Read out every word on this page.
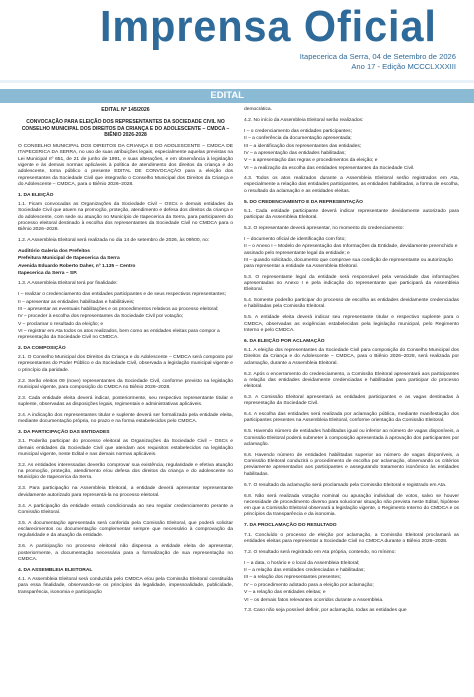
Imprensa Oficial
Itapecerica da Serra, 04 de Setembro de 2026
Ano 17 - Edição MCCCLXXXIII
EDITAL
EDITAL Nº 145/2026
CONVOCAÇÃO PARA ELEIÇÃO DOS REPRESENTANTES DA SOCIEDADE CIVIL NO CONSELHO MUNICIPAL DOS DIREITOS DA CRIANÇA E DO ADOLESCENTE – CMDCA – BIÊNIO 2026-2028

O CONSELHO MUNICIPAL DOS DIREITOS DA CRIANÇA E DO ADOLESCENTE – CMDCA DE ITAPECERICA DA SERRA, no uso de suas atribuições legais, especialmente aquelas previstas na Lei Municipal nº 651, de 21 de junho de 1991, e suas alterações, e em observância à legislação vigente e às demais normas aplicáveis à política de atendimento dos direitos da criança e do adolescente, torna público o presente EDITAL DE CONVOCAÇÃO para a eleição dos representantes da Sociedade Civil que integrarão o Conselho Municipal dos Direitos da Criança e do Adolescente – CMDCA, para o Biênio 2026–2028.

1. DA ELEIÇÃO

1.1. Ficam convocadas as Organizações da Sociedade Civil – OSCs e demais entidades da Sociedade Civil que atuem na promoção, proteção, atendimento e defesa dos direitos da criança e do adolescente, com sede ou atuação no Município de Itapecerica da Serra, para participarem do processo eleitoral destinado à escolha dos representantes da Sociedade Civil no CMDCA para o Biênio 2026–2028.

1.2. A Assembleia Eleitoral será realizada no dia 14 de setembro de 2026, às 09h00, no:

Auditório Galeria dos Prefeitos
Prefeitura Municipal de Itapecerica da Serra
Avenida Eduardo Roberto Daher, nº 1.135 – Centro
Itapecerica da Serra – SP.

1.3. A Assembleia Eleitoral terá por finalidade:

I – realizar o credenciamento das entidades participantes e de seus respectivos representantes;
II – apresentar as entidades habilitadas e habilitáveis;
III – apresentar as eventuais habilitações e os procedimentos relativos ao processo eleitoral;
IV – proceder à escolha dos representantes da Sociedade Civil por votação;
V – proclamar o resultado da eleição; e
VI – registrar em Ata todos os atos realizados, bem como as entidades eleitas para compor a representação da Sociedade Civil no CMDCA.
2. DA COMPOSIÇÃO

2.1. O Conselho Municipal dos Direitos da Criança e do Adolescente – CMDCA será composto por representantes do Poder Público e da Sociedade Civil, observada a legislação municipal vigente e o princípio da paridade.

2.2. Serão eleitos 09 (nove) representantes da Sociedade Civil, conforme previsto na legislação municipal vigente, para composição do CMDCA no Biênio 2026–2028.

2.3. Cada entidade eleita deverá indicar, posteriormente, seu respectivo representante titular e suplente, observadas as disposições legais, regimentais e administrativas aplicáveis.

2.4. A indicação dos representantes titular e suplente deverá ser formalizada pela entidade eleita, mediante documentação própria, no prazo e na forma estabelecidos pelo CMDCA.

3. DA PARTICIPAÇÃO DAS ENTIDADES

3.1. Poderão participar do processo eleitoral as Organizações da Sociedade Civil – OSCs e demais entidades da Sociedade Civil que atendam aos requisitos estabelecidos na legislação municipal vigente, neste Edital e nas demais normas aplicáveis.

3.2. As entidades interessadas deverão comprovar sua existência, regularidade e efetiva atuação na promoção, proteção, atendimento e/ou defesa dos direitos da criança e do adolescente no Município de Itapecerica da Serra.

3.3. Para participação na Assembleia Eleitoral, a entidade deverá apresentar representante devidamente autorizado para representá-la no processo eleitoral.

3.4. A participação da entidade estará condicionada ao seu regular credenciamento perante a Comissão Eleitoral.

3.5. A documentação apresentada será conferida pela Comissão Eleitoral, que poderá solicitar esclarecimentos ou documentação complementar sempre que necessário à comprovação da regularidade e da atuação da entidade.

3.6. A participação no processo eleitoral não dispensa a entidade eleita de apresentar, posteriormente, a documentação necessária para a formalização de sua representação no CMDCA.

4. DA ASSEMBLEIA ELEITORAL

4.1. A Assembleia Eleitoral será conduzida pelo CMDCA e/ou pela Comissão Eleitoral constituída para essa finalidade, observando-se os princípios da legalidade, impessoalidade, publicidade, transparência, isonomia e participação

democrática.

4.2. No início da Assembleia Eleitoral serão realizados:

I – o credenciamento das entidades participantes;
II – a conferência da documentação apresentada;
III – a identificação dos representantes das entidades;
IV – a apresentação das entidades habilitadas;
V – a apresentação das regras e procedimentos da eleição; e
VI – a realização da escolha das entidades representantes da Sociedade Civil.

4.3. Todos os atos realizados durante a Assembleia Eleitoral serão registrados em Ata, especialmente a relação das entidades participantes, as entidades habilitadas, a forma de escolha, o resultado da aclamação e as entidades eleitas.

5. DO CREDENCIAMENTO E DA REPRESENTAÇÃO

5.1. Cada entidade participante deverá indicar representante devidamente autorizado para participar da Assembleia Eleitoral.

5.2. O representante deverá apresentar, no momento do credenciamento:

I – documento oficial de identificação com foto;
II – o Anexo I – Modelo de Apresentação das Informações da Entidade, devidamente preenchido e assinado pelo representante legal da entidade; e
III – quando solicitado, documento que comprove sua condição de representante ou autorização para representar a entidade na Assembleia Eleitoral.

5.3. O representante legal da entidade será responsável pela veracidade das informações apresentadas no Anexo I e pela indicação do representante que participará da Assembleia Eleitoral.

5.4. Somente poderão participar do processo de escolha as entidades devidamente credenciadas e habilitadas pela Comissão Eleitoral.

5.5. A entidade eleita deverá indicar seu representante titular e respectivo suplente para o CMDCA, observadas as exigências estabelecidas pela legislação municipal, pelo Regimento Interno e pelo CMDCA.

6. DA ELEIÇÃO POR ACLAMAÇÃO

6.1. A eleição dos representantes da Sociedade Civil para composição do Conselho Municipal dos Direitos da Criança e do Adolescente – CMDCA, para o Biênio 2026–2028, será realizada por aclamação, durante a Assembleia Eleitoral.

6.2. Após o encerramento do credenciamento, a Comissão Eleitoral apresentará aos participantes a relação das entidades devidamente credenciadas e habilitadas para participar do processo eleitoral.

6.3. A Comissão Eleitoral apresentará as entidades participantes e as vagas destinadas à representação da Sociedade Civil.

6.4. A escolha das entidades será realizada por aclamação pública, mediante manifestação dos participantes presentes na Assembleia Eleitoral, conforme orientação da Comissão Eleitoral.

6.5. Havendo número de entidades habilitadas igual ou inferior ao número de vagas disponíveis, a Comissão Eleitoral poderá submeter à composição apresentada à aprovação dos participantes por aclamação.

6.6. Havendo número de entidades habilitadas superior ao número de vagas disponíveis, a Comissão Eleitoral conduzirá o procedimento de escolha por aclamação, observando os critérios previamente apresentados aos participantes e assegurando tratamento isonômico às entidades habilitadas.

6.7. O resultado da aclamação será proclamado pela Comissão Eleitoral e registrado em Ata.

6.8. Não será realizada votação nominal ou apuração individual de votos, salvo se houver necessidade de procedimento diverso para solucionar situação não prevista neste Edital, hipótese em que a Comissão Eleitoral observará a legislação vigente, o Regimento Interno do CMDCA e os princípios da transparência e da isonomia.

7. DA PROCLAMAÇÃO DO RESULTADO

7.1. Concluído o processo de eleição por aclamação, a Comissão Eleitoral proclamará as entidades eleitas para representar a Sociedade Civil no CMDCA durante o Biênio 2026–2028.

7.2. O resultado será registrado em Ata própria, contendo, no mínimo:

I – a data, o horário e o local da Assembleia Eleitoral;
II – a relação das entidades credenciadas e habilitadas;
III – a relação dos representantes presentes;
IV – o procedimento adotado para a eleição por aclamação;
V – a relação das entidades eleitas; e
VI – os demais fatos relevantes ocorridos durante a Assembleia.

7.3. Caso não seja possível definir, por aclamação, todas as entidades que
